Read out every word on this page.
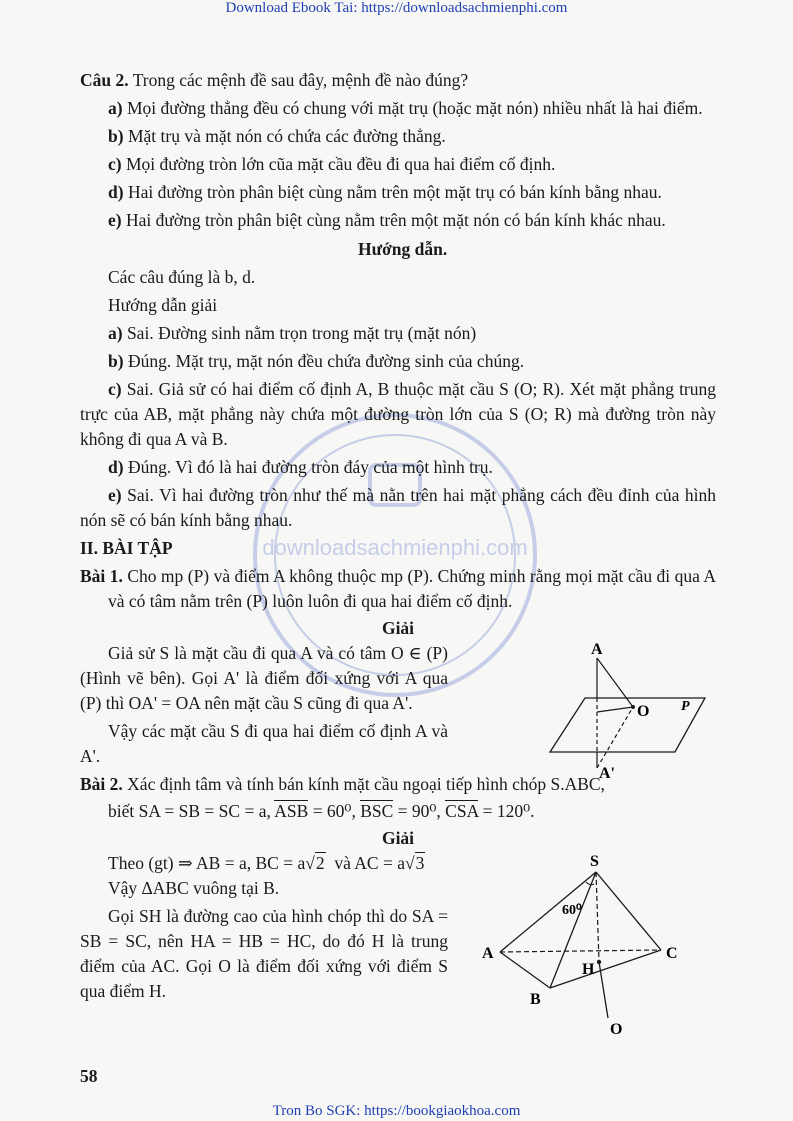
Download Ebook Tai: https://downloadsachmienphi.com
downloadsachmienphi.com

Câu 2. Trong các mệnh đề sau đây, mệnh đề nào đúng?

a) Mọi đường thẳng đều có chung với mặt trụ (hoặc mặt nón) nhiều nhất là hai điểm.

b) Mặt trụ và mặt nón có chứa các đường thẳng.

c) Mọi đường tròn lớn cũa mặt cầu đều đi qua hai điểm cố định.

d) Hai đường tròn phân biệt cùng nằm trên một mặt trụ có bán kính bằng nhau.

e) Hai đường tròn phân biệt cùng nằm trên một mặt nón có bán kính khác nhau.

Hướng dẫn.

Các câu đúng là b, d.

Hướng dẫn giải

a) Sai. Đường sinh nằm trọn trong mặt trụ (mặt nón)

b) Đúng. Mặt trụ, mặt nón đều chứa đường sinh của chúng.

c) Sai. Giả sử có hai điểm cố định A, B thuộc mặt cầu S (O; R). Xét mặt phẳng trung trực của AB, mặt phẳng này chứa một đường tròn lớn của S (O; R) mà đường tròn này không đi qua A và B.

d) Đúng. Vì đó là hai đường tròn đáy của một hình trụ.

e) Sai. Vì hai đường tròn như thế mà nằn trên hai mặt phẳng cách đều đỉnh của hình nón sẽ có bán kính bằng nhau.

II. BÀI TẬP

Bài 1. Cho mp (P) và điểm A không thuộc mp (P). Chứng minh rằng mọi mặt cầu đi qua A và có tâm nằm trên (P) luôn luôn đi qua hai điểm cố định.

Giải

Giả sử S là mặt cầu đi qua A và có tâm O ∈ (P) (Hình vẽ bên). Gọi A' là điểm đối xứng với A qua (P) thì OA' = OA nên mặt cầu S cũng đi qua A'.

Vậy các mặt cầu S đi qua hai điểm cố định A và A'.

Bài 2. Xác định tâm và tính bán kính mặt cầu ngoại tiếp hình chóp S.ABC,

biết SA = SB = SC = a, ASB = 60⁰, BSC = 90⁰, CSA = 120⁰.

Giải

Theo (gt) ⇒ AB = a, BC = a√2 và AC = a√3

Vậy ΔABC vuông tại B.

Gọi SH là đường cao của hình chóp thì do SA = SB = SC, nên HA = HB = HC, do đó H là trung điểm của AC. Gọi O là điểm đối xứng với điểm S qua điểm H.

A
O P
A'
S
60⁰
A	C
H
B
O
58
Tron Bo SGK: https://bookgiaokhoa.com
